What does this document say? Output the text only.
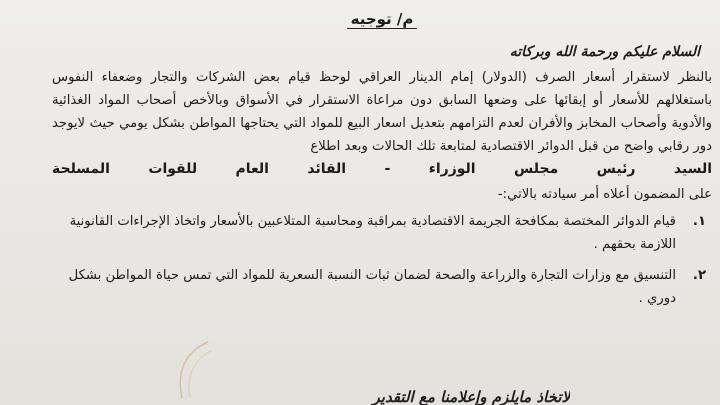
م/ توجيه
السلام عليكم ورحمة الله وبركاته

بالنظر لاستقرار أسعار الصرف (الدولار) إمام الدينار العراقي لوحظ قيام بعض الشركات والتجار وضعفاء النفوس باستغلالهم للأسعار أو إبقائها على وضعها السابق دون مراعاة الاستقرار في الأسواق وبالأخص أصحاب المواد الغذائية والأدوية وأصحاب المخابز والأفران لعدم التزامهم بتعديل اسعار البيع للمواد التي يحتاجها المواطن بشكل يومي حيث لايوجد دور رقابي واضح من قبل الدوائر الاقتصادية لمتابعة تلك الحالات وبعد اطلاع

السيد رئيس مجلس الوزراء - القائد العام للقوات المسلحة

على المضمون أعلاه أمر سيادته بالاتي:-

١.
قيام الدوائر المختصة بمكافحة الجريمة الاقتصادية بمراقبة ومحاسبة المتلاعبين بالأسعار واتخاذ الإجراءات القانونية اللازمة بحقهم .
٢.
التنسيق مع وزارات التجارة والزراعة والصحة لضمان ثبات النسبة السعرية للمواد التي تمس حياة المواطن بشكل دوري .
لاتخاذ مايلزم وإعلامنا مع التقدير
